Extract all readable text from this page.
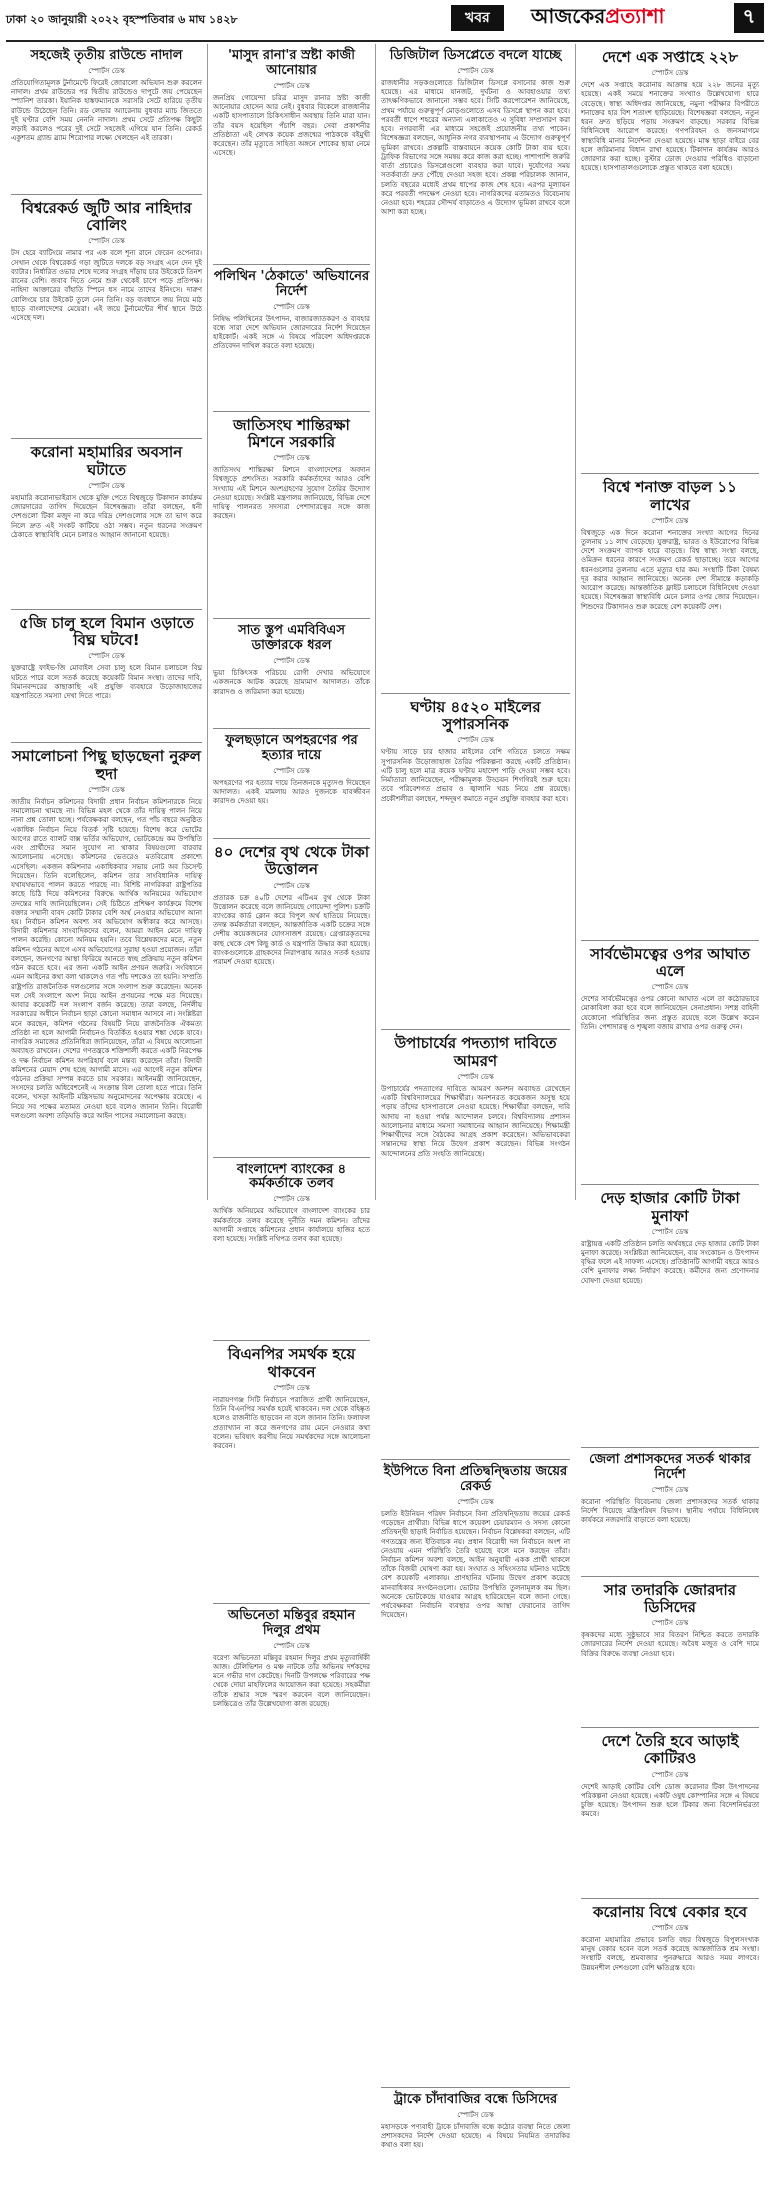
ঢাকা ২০ জানুয়ারী ২০২২ বৃহস্পতিবার ৬ মাঘ ১৪২৮	খবর	আজকেরপ্রত্যাশা	৭
সহজেই তৃতীয় রাউন্ডে নাদাল
স্পোর্টস ডেস্ক
প্রতিযোগিতামূলক টুর্নামেন্টে ফিরেই জোরালো অভিযান শুরু করলেন নাদাল। প্রথম রাউন্ডের পর দ্বিতীয় রাউন্ডেও দাপুটে জয় পেয়েছেন স্প্যানিশ তারকা। ইয়ানিক হাঙ্কফম্যানকে সরাসরি সেটে হারিয়ে তৃতীয় রাউন্ডে উঠেছেন তিনি। রড লেভার অ্যারেনায় বুধবার ম্যাচ জিততে দুই ঘণ্টার বেশি সময় নেননি নাদাল। প্রথম সেটে প্রতিপক্ষ কিছুটা লড়াই করলেও পরের দুই সেটে সহজেই এগিয়ে যান তিনি। রেকর্ড একুশতম গ্র্যান্ড স্ল্যাম শিরোপার লক্ষ্যে খেলছেন এই তারকা।
বিশ্বরেকর্ড জুটি আর নাহিদার বোলিং
স্পোর্টস ডেস্ক
টস হেরে ব্যাটিংয়ে নামার পর এক বলে শূন্য রানে ফেরেন ওপেনার। সেখান থেকে বিশ্বরেকর্ড গড়া জুটিতে দলকে বড় সংগ্রহ এনে দেন দুই ব্যাটার। নির্ধারিত ওভার শেষে দলের সংগ্রহ দাঁড়ায় চার উইকেটে তিনশ রানের বেশি। জবাব দিতে নেমে শুরু থেকেই চাপে পড়ে প্রতিপক্ষ। নাহিদা আক্তারের বাঁহাতি স্পিনে ধস নামে তাদের ইনিংসে। দারুণ বোলিংয়ে চার উইকেট তুলে নেন তিনি। বড় ব্যবধানে জয় নিয়ে মাঠ ছাড়ে বাংলাদেশের মেয়েরা। এই জয়ে টুর্নামেন্টের শীর্ষ স্থানে উঠে এসেছে দল।
করোনা মহামারির অবসান ঘটাতে
স্পোর্টস ডেস্ক
মহামারি করোনাভাইরাস থেকে মুক্তি পেতে বিশ্বজুড়ে টিকাদান কার্যক্রম জোরদারের তাগিদ দিয়েছেন বিশেষজ্ঞরা। তাঁরা বলছেন, ধনী দেশগুলো টিকা মজুদ না করে দরিদ্র দেশগুলোর সঙ্গে তা ভাগ করে নিলে দ্রুত এই সংকট কাটিয়ে ওঠা সম্ভব। নতুন ধরনের সংক্রমণ ঠেকাতে স্বাস্থ্যবিধি মেনে চলারও আহ্বান জানানো হয়েছে।
৫জি চালু হলে বিমান ওড়াতে বিঘ্ন ঘটবে!
স্পোর্টস ডেস্ক
যুক্তরাষ্ট্রে ফাইভ-জি মোবাইল সেবা চালু হলে বিমান চলাচলে বিঘ্ন ঘটতে পারে বলে সতর্ক করেছে কয়েকটি বিমান সংস্থা। তাদের দাবি, বিমানবন্দরের কাছাকাছি এই প্রযুক্তি ব্যবহারে উড়োজাহাজের যন্ত্রপাতিতে সমস্যা দেখা দিতে পারে।
সমালোচনা পিছু ছাড়ছেনা নুরুল হুদা
স্পোর্টস ডেস্ক
জাতীয় নির্বাচন কমিশনের বিদায়ী প্রধান নির্বাচন কমিশনারকে নিয়ে সমালোচনা থামছে না। বিভিন্ন মহল থেকে তাঁর দায়িত্ব পালন নিয়ে নানা প্রশ্ন তোলা হচ্ছে। পর্যবেক্ষকরা বলছেন, গত পাঁচ বছরে অনুষ্ঠিত একাধিক নির্বাচন নিয়ে বিতর্ক সৃষ্টি হয়েছে। বিশেষ করে ভোটের আগের রাতে ব্যালট বাক্স ভর্তির অভিযোগ, ভোটকেন্দ্রে কম উপস্থিতি এবং প্রার্থীদের সমান সুযোগ না থাকার বিষয়গুলো বারবার আলোচনায় এসেছে। কমিশনের ভেতরেও মতবিরোধ প্রকাশ্যে এসেছিল। একজন কমিশনার একাধিকবার সভায় নোট অব ডিসেন্ট দিয়েছেন। তিনি বলেছিলেন, কমিশন তার সাংবিধানিক দায়িত্ব যথাযথভাবে পালন করতে পারছে না। বিশিষ্ট নাগরিকরা রাষ্ট্রপতির কাছে চিঠি দিয়ে কমিশনের বিরুদ্ধে আর্থিক অনিয়মের অভিযোগ তদন্তের দাবি জানিয়েছিলেন। সেই চিঠিতে প্রশিক্ষণ কার্যক্রমে বিশেষ বক্তার সম্মানী বাবদ কোটি টাকার বেশি অর্থ নেওয়ার অভিযোগ আনা হয়। নির্বাচন কমিশন অবশ্য সব অভিযোগ অস্বীকার করে আসছে। বিদায়ী কমিশনার সাংবাদিকদের বলেন, আমরা আইন মেনে দায়িত্ব পালন করেছি। কোনো অনিয়ম হয়নি। তবে বিশ্লেষকদের মতে, নতুন কমিশন গঠনের আগে এসব অভিযোগের সুরাহা হওয়া প্রয়োজন। তাঁরা বলছেন, জনগণের আস্থা ফিরিয়ে আনতে স্বচ্ছ প্রক্রিয়ায় নতুন কমিশন গঠন করতে হবে। এর জন্য একটি আইন প্রণয়ন জরুরি। সংবিধানে এমন আইনের কথা বলা থাকলেও গত পাঁচ দশকেও তা হয়নি। সম্প্রতি রাষ্ট্রপতি রাজনৈতিক দলগুলোর সঙ্গে সংলাপ শুরু করেছেন। অনেক দল সেই সংলাপে অংশ নিয়ে আইন প্রণয়নের পক্ষে মত দিয়েছে। আবার কয়েকটি দল সংলাপ বর্জন করেছে। তারা বলছে, নির্দলীয় সরকারের অধীনে নির্বাচন ছাড়া কোনো সমাধান আসবে না। সংশ্লিষ্টরা মনে করছেন, কমিশন গঠনের বিষয়টি নিয়ে রাজনৈতিক ঐকমত্য প্রতিষ্ঠা না হলে আগামী নির্বাচনও বিতর্কিত হওয়ার শঙ্কা থেকে যাবে। নাগরিক সমাজের প্রতিনিধিরা জানিয়েছেন, তাঁরা এ বিষয়ে আলোচনা অব্যাহত রাখবেন। দেশের গণতন্ত্রকে শক্তিশালী করতে একটি নিরপেক্ষ ও দক্ষ নির্বাচন কমিশন অপরিহার্য বলে মন্তব্য করেছেন তাঁরা। বিদায়ী কমিশনের মেয়াদ শেষ হচ্ছে আগামী মাসে। এর আগেই নতুন কমিশন গঠনের প্রক্রিয়া সম্পন্ন করতে চায় সরকার। আইনমন্ত্রী জানিয়েছেন, সংসদের চলতি অধিবেশনেই এ সংক্রান্ত বিল তোলা হতে পারে। তিনি বলেন, খসড়া আইনটি মন্ত্রিসভায় অনুমোদনের অপেক্ষায় রয়েছে। এ নিয়ে সব পক্ষের মতামত নেওয়া হবে বলেও জানান তিনি। বিরোধী দলগুলো অবশ্য তড়িঘড়ি করে আইন পাসের সমালোচনা করছে।
'মাসুদ রানা'র স্রষ্টা কাজী আনোয়ার
স্পোর্টস ডেস্ক
জনপ্রিয় গোয়েন্দা চরিত্র মাসুদ রানার স্রষ্টা কাজী আনোয়ার হোসেন আর নেই। বুধবার বিকেলে রাজধানীর একটি হাসপাতালে চিকিৎসাধীন অবস্থায় তিনি মারা যান। তাঁর বয়স হয়েছিল পঁচাশি বছর। সেবা প্রকাশনীর প্রতিষ্ঠাতা এই লেখক কয়েক প্রজন্মের পাঠককে বইমুখী করেছেন। তাঁর মৃত্যুতে সাহিত্য অঙ্গনে শোকের ছায়া নেমে এসেছে।
পলিথিন 'ঠেকাতে' অভিযানের নির্দেশ
স্পোর্টস ডেস্ক
নিষিদ্ধ পলিথিনের উৎপাদন, বাজারজাতকরণ ও ব্যবহার বন্ধে সারা দেশে অভিযান জোরদারের নির্দেশ দিয়েছেন হাইকোর্ট। একই সঙ্গে এ বিষয়ে পরিবেশ অধিদপ্তরকে প্রতিবেদন দাখিল করতে বলা হয়েছে।
জাতিসংঘ শান্তিরক্ষা মিশনে সরকারি
স্পোর্টস ডেস্ক
জাতিসংঘ শান্তিরক্ষা মিশনে বাংলাদেশের অবদান বিশ্বজুড়ে প্রশংসিত। সরকারি কর্মকর্তাদের আরও বেশি সংখ্যায় এই মিশনে অংশগ্রহণের সুযোগ তৈরির উদ্যোগ নেওয়া হয়েছে। সংশ্লিষ্ট মন্ত্রণালয় জানিয়েছে, বিভিন্ন দেশে দায়িত্ব পালনরত সদস্যরা পেশাদারত্বের সঙ্গে কাজ করছেন।
সাত স্তুপ এমবিবিএস ডাক্তারকে ধরল
স্পোর্টস ডেস্ক
ভুয়া চিকিৎসক পরিচয়ে রোগী দেখার অভিযোগে একজনকে আটক করেছে ভ্রাম্যমাণ আদালত। তাঁকে কারাদণ্ড ও জরিমানা করা হয়েছে।
ফুলছড়ানে অপহরণের পর হত্যার দায়ে
স্পোর্টস ডেস্ক
অপহরণের পর হত্যার দায়ে তিনজনকে মৃত্যুদণ্ড দিয়েছেন আদালত। একই মামলায় আরও দুজনকে যাবজ্জীবন কারাদণ্ড দেওয়া হয়।
৪০ দেশের বৃথ থেকে টাকা উত্তোলন
স্পোর্টস ডেস্ক
প্রতারক চক্র ৪০টি দেশের এটিএম বুথ থেকে টাকা উত্তোলন করেছে বলে জানিয়েছে গোয়েন্দা পুলিশ। চক্রটি ব্যাংকের কার্ড ক্লোন করে বিপুল অর্থ হাতিয়ে নিয়েছে। তদন্ত কর্মকর্তারা বলছেন, আন্তর্জাতিক একটি চক্রের সঙ্গে দেশীয় কয়েকজনের যোগসাজশ রয়েছে। গ্রেপ্তারকৃতদের কাছ থেকে বেশ কিছু কার্ড ও যন্ত্রপাতি উদ্ধার করা হয়েছে। ব্যাংকগুলোকে গ্রাহকদের নিরাপত্তায় আরও সতর্ক হওয়ার পরামর্শ দেওয়া হয়েছে।
বাংলাদেশ ব্যাংকের ৪ কর্মকর্তাকে তলব
স্পোর্টস ডেস্ক
আর্থিক অনিয়মের অভিযোগে বাংলাদেশ ব্যাংকের চার কর্মকর্তাকে তলব করেছে দুর্নীতি দমন কমিশন। তাঁদের আগামী সপ্তাহে কমিশনের প্রধান কার্যালয়ে হাজির হতে বলা হয়েছে। সংশ্লিষ্ট নথিপত্র তলব করা হয়েছে।
বিএনপির সমর্থক হয়ে থাকবেন
স্পোর্টস ডেস্ক
নারায়ণগঞ্জ সিটি নির্বাচনে পরাজিত প্রার্থী জানিয়েছেন, তিনি বিএনপির সমর্থক হয়েই থাকবেন। দল থেকে বহিষ্কৃত হলেও রাজনীতি ছাড়বেন না বলে জানান তিনি। ফলাফল প্রত্যাখ্যান না করে জনগণের রায় মেনে নেওয়ার কথা বলেন। ভবিষ্যৎ করণীয় নিয়ে সমর্থকদের সঙ্গে আলোচনা করবেন।
অভিনেতা মন্তিবুর রহমান দিলুর প্রথম
স্পোর্টস ডেস্ক
বরেণ্য অভিনেতা মন্তিবুর রহমান দিলুর প্রথম মৃত্যুবার্ষিকী আজ। টেলিভিশন ও মঞ্চ নাটকে তাঁর অভিনয় দর্শকদের মনে গভীর দাগ কেটেছে। দিনটি উপলক্ষে পরিবারের পক্ষ থেকে দোয়া মাহফিলের আয়োজন করা হয়েছে। সহকর্মীরা তাঁকে শ্রদ্ধার সঙ্গে স্মরণ করবেন বলে জানিয়েছেন। চলচ্চিত্রেও তাঁর উল্লেখযোগ্য কাজ রয়েছে।
ডিজিটাল ডিসপ্লেতে বদলে যাচ্ছে
স্পোর্টস ডেস্ক
রাজধানীর সড়কগুলোতে ডিজিটাল ডিসপ্লে বসানোর কাজ শুরু হয়েছে। এর মাধ্যমে যানজট, দুর্ঘটনা ও আবহাওয়ার তথ্য তাৎক্ষণিকভাবে জানানো সম্ভব হবে। সিটি করপোরেশন জানিয়েছে, প্রথম পর্যায়ে গুরুত্বপূর্ণ মোড়গুলোতে এসব ডিসপ্লে স্থাপন করা হবে। পরবর্তী ধাপে শহরের অন্যান্য এলাকাতেও এ সুবিধা সম্প্রসারণ করা হবে। নগরবাসী এর মাধ্যমে সহজেই প্রয়োজনীয় তথ্য পাবেন। বিশেষজ্ঞরা বলছেন, আধুনিক নগর ব্যবস্থাপনায় এ উদ্যোগ গুরুত্বপূর্ণ ভূমিকা রাখবে। প্রকল্পটি বাস্তবায়নে কয়েক কোটি টাকা ব্যয় হবে। ট্রাফিক বিভাগের সঙ্গে সমন্বয় করে কাজ করা হচ্ছে। পাশাপাশি জরুরি বার্তা প্রচারেও ডিসপ্লেগুলো ব্যবহার করা যাবে। দুর্যোগের সময় সতর্কবার্তা দ্রুত পৌঁছে দেওয়া সহজ হবে। প্রকল্প পরিচালক জানান, চলতি বছরের মধ্যেই প্রথম ধাপের কাজ শেষ হবে। এরপর মূল্যায়ন করে পরবর্তী পদক্ষেপ নেওয়া হবে। নাগরিকদের মতামতও বিবেচনায় নেওয়া হবে। শহরের সৌন্দর্য বাড়াতেও এ উদ্যোগ ভূমিকা রাখবে বলে আশা করা হচ্ছে।
ঘণ্টায় ৪৫২০ মাইলের সুপারসনিক
স্পোর্টস ডেস্ক
ঘণ্টায় সাড়ে চার হাজার মাইলের বেশি গতিতে চলতে সক্ষম সুপারসনিক উড়োজাহাজ তৈরির পরিকল্পনা করছে একটি প্রতিষ্ঠান। এটি চালু হলে মাত্র কয়েক ঘণ্টায় মহাদেশ পাড়ি দেওয়া সম্ভব হবে। নির্মাতারা জানিয়েছেন, পরীক্ষামূলক উড্ডয়ন শিগগিরই শুরু হবে। তবে পরিবেশগত প্রভাব ও জ্বালানি খরচ নিয়ে প্রশ্ন রয়েছে। প্রকৌশলীরা বলছেন, শব্দদূষণ কমাতে নতুন প্রযুক্তি ব্যবহার করা হবে।
উপাচার্যের পদত্যাগ দাবিতে আমরণ
স্পোর্টস ডেস্ক
উপাচার্যের পদত্যাগের দাবিতে আমরণ অনশন অব্যাহত রেখেছেন একটি বিশ্ববিদ্যালয়ের শিক্ষার্থীরা। অনশনরত কয়েকজন অসুস্থ হয়ে পড়ায় তাঁদের হাসপাতালে নেওয়া হয়েছে। শিক্ষার্থীরা বলছেন, দাবি আদায় না হওয়া পর্যন্ত আন্দোলন চলবে। বিশ্ববিদ্যালয় প্রশাসন আলোচনার মাধ্যমে সমস্যা সমাধানের আহ্বান জানিয়েছে। শিক্ষামন্ত্রী শিক্ষার্থীদের সঙ্গে বৈঠকের আগ্রহ প্রকাশ করেছেন। অভিভাবকেরা সন্তানদের স্বাস্থ্য নিয়ে উদ্বেগ প্রকাশ করেছেন। বিভিন্ন সংগঠন আন্দোলনের প্রতি সংহতি জানিয়েছে।
ইউপিতে বিনা প্রতিদ্বন্দ্বিতায় জয়ের রেকর্ড
স্পোর্টস ডেস্ক
চলতি ইউনিয়ন পরিষদ নির্বাচনে বিনা প্রতিদ্বন্দ্বিতায় জয়ের রেকর্ড গড়েছেন প্রার্থীরা। বিভিন্ন ধাপে কয়েকশ চেয়ারম্যান ও সদস্য কোনো প্রতিদ্বন্দ্বী ছাড়াই নির্বাচিত হয়েছেন। নির্বাচন বিশ্লেষকরা বলছেন, এটি গণতন্ত্রের জন্য ইতিবাচক নয়। প্রধান বিরোধী দল নির্বাচনে অংশ না নেওয়ায় এমন পরিস্থিতি তৈরি হয়েছে বলে মনে করছেন তাঁরা। নির্বাচন কমিশন অবশ্য বলছে, আইন অনুযায়ী একক প্রার্থী থাকলে তাঁকে বিজয়ী ঘোষণা করা হয়। সংঘাত ও সহিংসতার ঘটনাও ঘটেছে বেশ কয়েকটি এলাকায়। প্রাণহানির ঘটনায় উদ্বেগ প্রকাশ করেছে মানবাধিকার সংগঠনগুলো। ভোটার উপস্থিতি তুলনামূলক কম ছিল। অনেকে ভোটকেন্দ্রে যাওয়ার আগ্রহ হারিয়েছেন বলে জানা গেছে। পর্যবেক্ষকরা নির্বাচনি ব্যবস্থার ওপর আস্থা ফেরানোর তাগিদ দিয়েছেন।
ট্রাকে চাঁদাবাজির বন্ধে ডিসিদের
স্পোর্টস ডেস্ক
মহাসড়কে পণ্যবাহী ট্রাকে চাঁদাবাজি বন্ধে কঠোর ব্যবস্থা নিতে জেলা প্রশাসকদের নির্দেশ দেওয়া হয়েছে। এ বিষয়ে নিয়মিত তদারকির কথাও বলা হয়।
দেশে এক সপ্তাহে ২২৮
স্পোর্টস ডেস্ক
দেশে এক সপ্তাহে করোনায় আক্রান্ত হয়ে ২২৮ জনের মৃত্যু হয়েছে। একই সময়ে শনাক্তের সংখ্যাও উল্লেখযোগ্য হারে বেড়েছে। স্বাস্থ্য অধিদপ্তর জানিয়েছে, নমুনা পরীক্ষার বিপরীতে শনাক্তের হার বিশ শতাংশ ছাড়িয়েছে। বিশেষজ্ঞরা বলছেন, নতুন ধরন দ্রুত ছড়িয়ে পড়ায় সংক্রমণ বাড়ছে। সরকার বিভিন্ন বিধিনিষেধ আরোপ করেছে। গণপরিবহন ও জনসমাগমে স্বাস্থ্যবিধি মানার নির্দেশনা দেওয়া হয়েছে। মাস্ক ছাড়া বাইরে বের হলে জরিমানার বিধান রাখা হয়েছে। টিকাদান কার্যক্রম আরও জোরদার করা হচ্ছে। বুস্টার ডোজ দেওয়ার পরিধিও বাড়ানো হয়েছে। হাসপাতালগুলোকে প্রস্তুত থাকতে বলা হয়েছে।
বিশ্বে শনাক্ত বাড়ল ১১ লাখের
স্পোর্টস ডেস্ক
বিশ্বজুড়ে এক দিনে করোনা শনাক্তের সংখ্যা আগের দিনের তুলনায় ১১ লাখ বেড়েছে। যুক্তরাষ্ট্র, ভারত ও ইউরোপের বিভিন্ন দেশে সংক্রমণ ব্যাপক হারে বাড়ছে। বিশ্ব স্বাস্থ্য সংস্থা বলছে, ওমিক্রন ধরনের কারণে সংক্রমণ রেকর্ড ছাড়াচ্ছে। তবে আগের ধরনগুলোর তুলনায় এতে মৃত্যুর হার কম। সংস্থাটি টিকা বৈষম্য দূর করার আহ্বান জানিয়েছে। অনেক দেশ সীমান্তে কড়াকড়ি আরোপ করেছে। আন্তর্জাতিক ফ্লাইট চলাচলে বিধিনিষেধ দেওয়া হয়েছে। বিশেষজ্ঞরা স্বাস্থ্যবিধি মেনে চলার ওপর জোর দিয়েছেন। শিশুদের টিকাদানও শুরু করেছে বেশ কয়েকটি দেশ।
সার্বভৌমত্বের ওপর আঘাত এলে
স্পোর্টস ডেস্ক
দেশের সার্বভৌমত্বের ওপর কোনো আঘাত এলে তা কঠোরভাবে মোকাবিলা করা হবে বলে জানিয়েছেন সেনাপ্রধান। সশস্ত্র বাহিনী যেকোনো পরিস্থিতির জন্য প্রস্তুত রয়েছে বলে উল্লেখ করেন তিনি। পেশাদারত্ব ও শৃঙ্খলা বজায় রাখার ওপর গুরুত্ব দেন।
দেড় হাজার কোটি টাকা মুনাফা
স্পোর্টস ডেস্ক
রাষ্ট্রায়ত্ত একটি প্রতিষ্ঠান চলতি অর্থবছরে দেড় হাজার কোটি টাকা মুনাফা করেছে। সংশ্লিষ্টরা জানিয়েছেন, ব্যয় সংকোচন ও উৎপাদন বৃদ্ধির ফলে এই সাফল্য এসেছে। প্রতিষ্ঠানটি আগামী বছরে আরও বেশি মুনাফার লক্ষ্য নির্ধারণ করেছে। কর্মীদের জন্য প্রণোদনার ঘোষণা দেওয়া হয়েছে।
জেলা প্রশাসকদের সতর্ক থাকার নির্দেশ
স্পোর্টস ডেস্ক
করোনা পরিস্থিতি বিবেচনায় জেলা প্রশাসকদের সতর্ক থাকার নির্দেশ দিয়েছে মন্ত্রিপরিষদ বিভাগ। স্থানীয় পর্যায়ে বিধিনিষেধ কার্যকরে নজরদারি বাড়াতে বলা হয়েছে।
সার তদারকি জোরদার ডিসিদের
স্পোর্টস ডেস্ক
কৃষকদের মধ্যে সুষ্ঠুভাবে সার বিতরণ নিশ্চিত করতে তদারকি জোরদারের নির্দেশ দেওয়া হয়েছে। অবৈধ মজুত ও বেশি দামে বিক্রির বিরুদ্ধে ব্যবস্থা নেওয়া হবে।
দেশে তৈরি হবে আড়াই কোটিরও
স্পোর্টস ডেস্ক
দেশেই আড়াই কোটির বেশি ডোজ করোনার টিকা উৎপাদনের পরিকল্পনা নেওয়া হয়েছে। একটি ওষুধ কোম্পানির সঙ্গে এ বিষয়ে চুক্তি হয়েছে। উৎপাদন শুরু হলে টিকার জন্য বিদেশনির্ভরতা কমবে।
করোনায় বিশ্বে বেকার হবে
স্পোর্টস ডেস্ক
করোনা মহামারির প্রভাবে চলতি বছর বিশ্বজুড়ে বিপুলসংখ্যক মানুষ বেকার হবেন বলে সতর্ক করেছে আন্তর্জাতিক শ্রম সংস্থা। সংস্থাটি বলছে, শ্রমবাজার পুনরুদ্ধারে আরও সময় লাগবে। উন্নয়নশীল দেশগুলো বেশি ক্ষতিগ্রস্ত হবে।
